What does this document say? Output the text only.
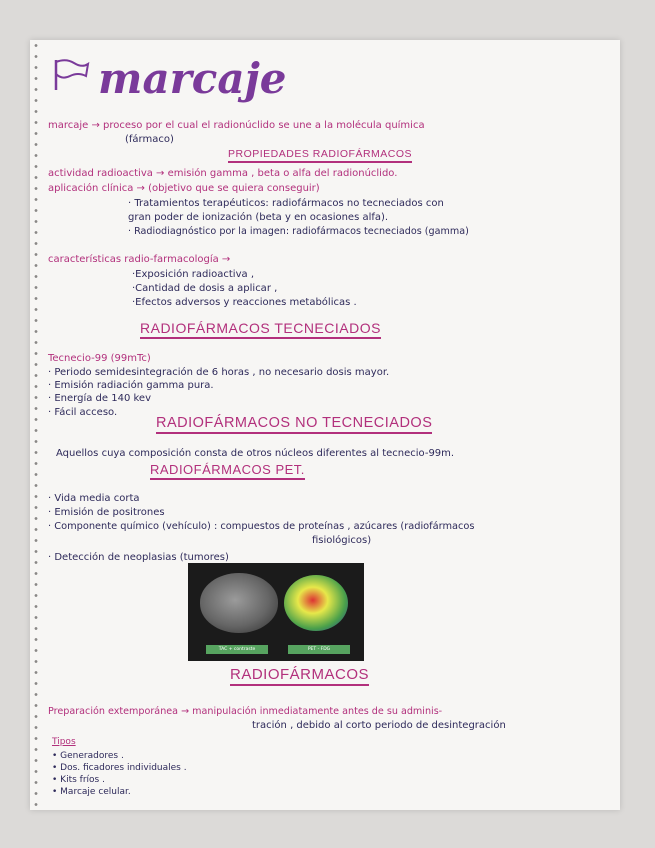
marcaje
marcaje → proceso por el cual el radionúclido se une a la molécula química
(fármaco)
PROPIEDADES RADIOFÁRMACOS
actividad radioactiva → emisión gamma , beta o alfa del radionúclido.
aplicación clínica → (objetivo que se quiera conseguir)
· Tratamientos terapéuticos: radiofármacos no tecneciados con
gran poder de ionización (beta y en ocasiones alfa).
· Radiodiagnóstico por la imagen: radiofármacos tecneciados (gamma)
características radio-farmacología →
·Exposición radioactiva ,
·Cantidad de dosis a aplicar ,
·Efectos adversos y reacciones metabólicas .
RADIOFÁRMACOS TECNECIADOS
Tecnecio-99 (99mTc)
· Periodo semidesintegración de 6 horas , no necesario dosis mayor.
· Emisión radiación gamma pura.
· Energía de 140 kev
· Fácil acceso.
RADIOFÁRMACOS NO TECNECIADOS
Aquellos cuya composición consta de otros núcleos diferentes al tecnecio-99m.
RADIOFÁRMACOS PET.
· Vida media corta
· Emisión de positrones
· Componente químico (vehículo) : compuestos de proteínas , azúcares (radiofármacos
fisiológicos)
· Detección de neoplasias (tumores)
TAC + contraste	PET - FDG
RADIOFÁRMACOS
Preparación extemporánea → manipulación inmediatamente antes de su adminis-
tración , debido al corto periodo de desintegración
Tipos
• Generadores .
• Dos. ficadores individuales .
• Kits fríos .
• Marcaje celular.
